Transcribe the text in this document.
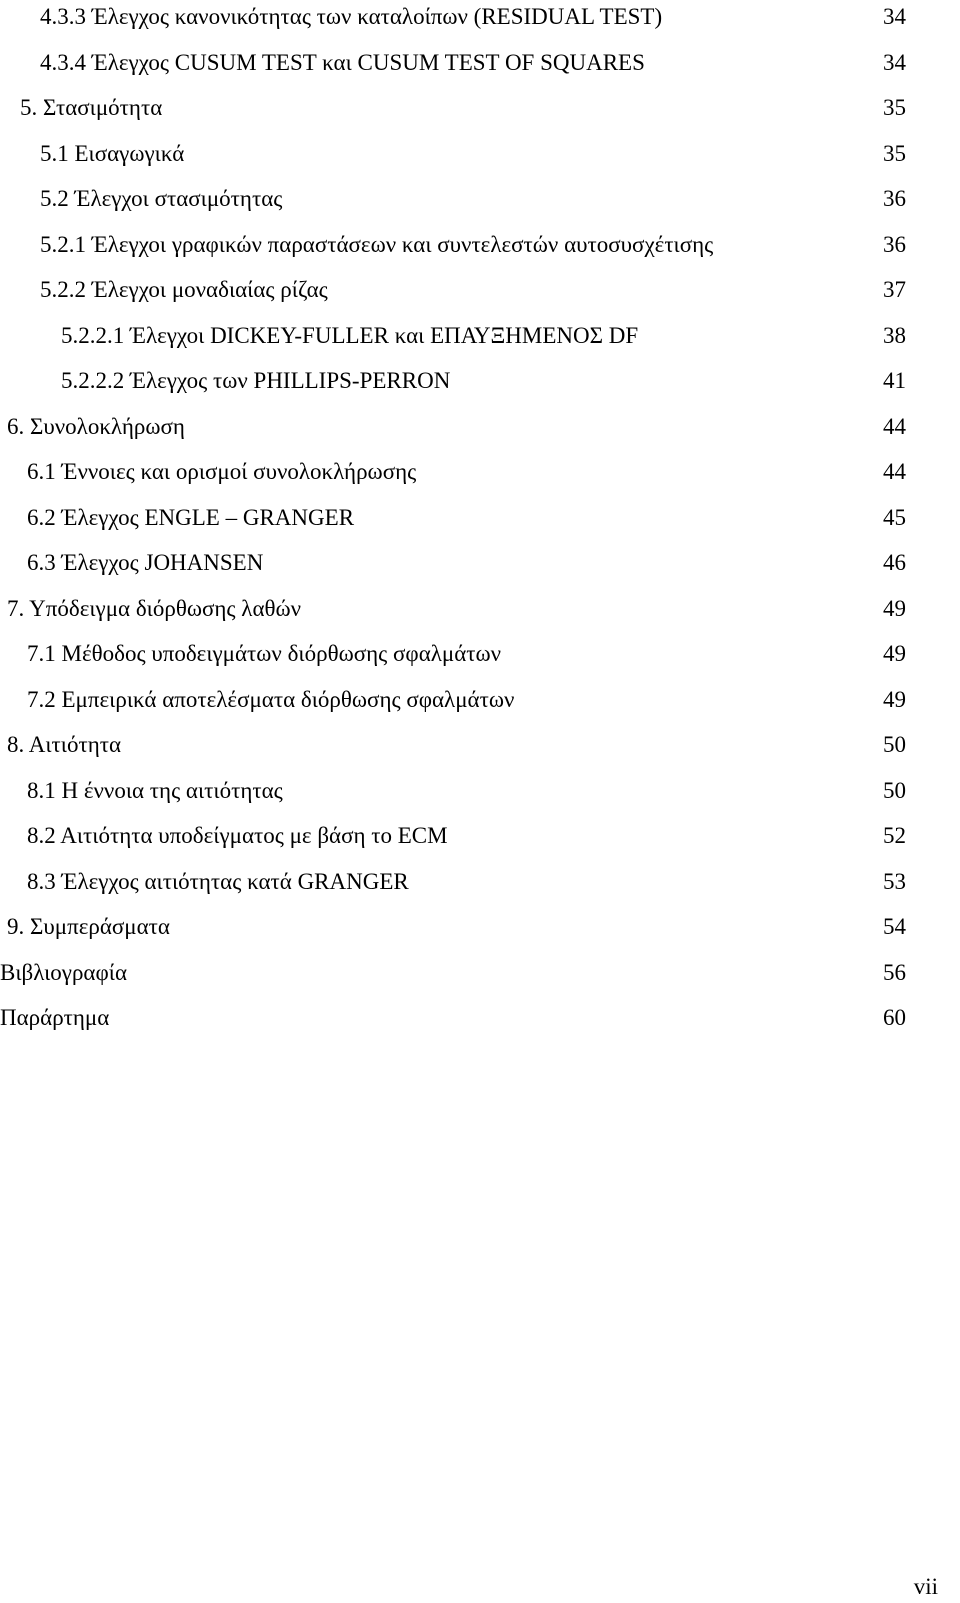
4.3.3 Έλεγχος κανονικότητας των καταλοίπων (RESIDUAL TEST)	34
4.3.4 Έλεγχος CUSUM TEST και CUSUM TEST OF SQUARES	34
5. Στασιμότητα	35
5.1 Εισαγωγικά	35
5.2 Έλεγχοι στασιμότητας	36
5.2.1 Έλεγχοι γραφικών παραστάσεων και συντελεστών αυτοσυσχέτισης	36
5.2.2 Έλεγχοι μοναδιαίας ρίζας	37
5.2.2.1 Έλεγχοι DICKEY-FULLER και ΕΠΑΥΞΗΜΕΝΟΣ DF	38
5.2.2.2 Έλεγχος των PHILLIPS-PERRON	41
6. Συνολοκλήρωση	44
6.1 Έννοιες και ορισμοί συνολοκλήρωσης	44
6.2 Έλεγχος ENGLE – GRANGER	45
6.3 Έλεγχος JOHANSEN	46
7. Υπόδειγμα διόρθωσης λαθών	49
7.1 Μέθοδος υποδειγμάτων διόρθωσης σφαλμάτων	49
7.2 Εμπειρικά αποτελέσματα διόρθωσης σφαλμάτων	49
8. Αιτιότητα	50
8.1 Η έννοια της αιτιότητας	50
8.2 Αιτιότητα υποδείγματος με βάση το ECM	52
8.3 Έλεγχος αιτιότητας κατά GRANGER	53
9. Συμπεράσματα	54
Βιβλιογραφία	56
Παράρτημα	60
vii
